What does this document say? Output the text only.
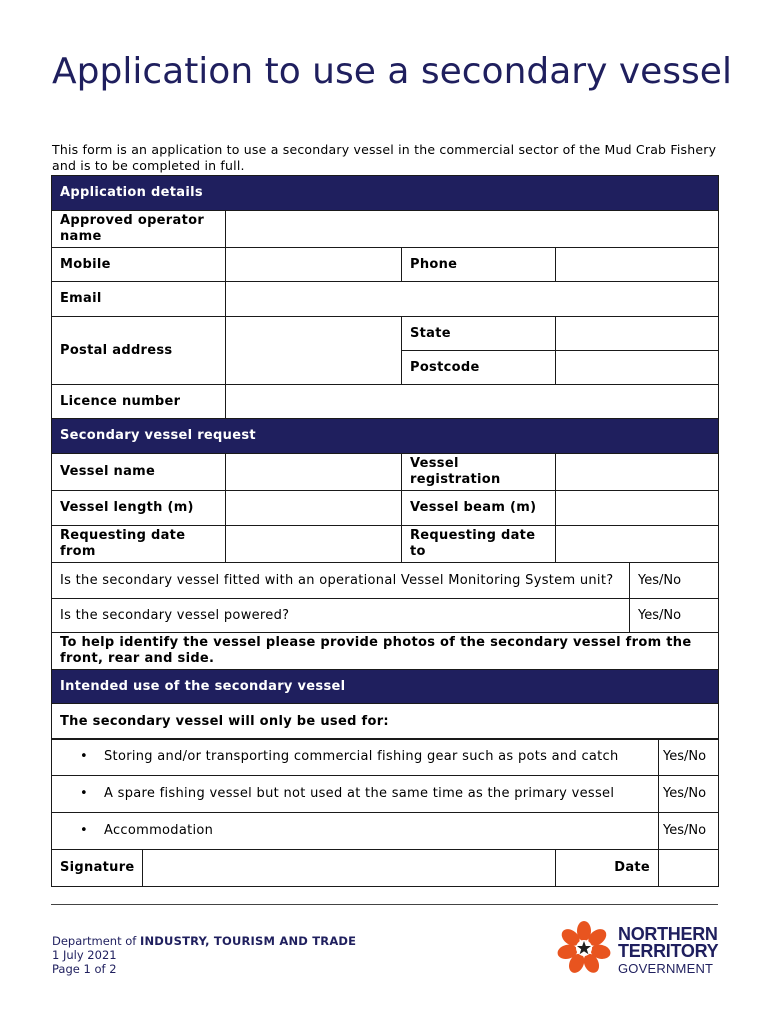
Application to use a secondary vessel

This form is an application to use a secondary vessel in the commercial sector of the Mud Crab Fishery and is to be completed in full.

Application details				
Approved operator name				
Mobile		Phone		
Email				
Postal address		State		
		Postcode		
Licence number				
Secondary vessel request				
Vessel name		Vessel registration		
Vessel length (m)		Vessel beam (m)		
Requesting date from		Requesting date to		
Is the secondary vessel fitted with an operational Vessel Monitoring System unit?				Yes/No
Is the secondary vessel powered?				Yes/No
To help identify the vessel please provide photos of the secondary vessel from the front, rear and side.				
Intended use of the secondary vessel				
The secondary vessel will only be used for:				
• Storing and/or transporting commercial fishing gear such as pots and catch			Yes/No
• A spare fishing vessel but not used at the same time as the primary vessel			Yes/No
• Accommodation			Yes/No
Signature		Date	
Department of INDUSTRY, TOURISM AND TRADE
1 July 2021
Page 1 of 2
NORTHERN
TERRITORY
GOVERNMENT
